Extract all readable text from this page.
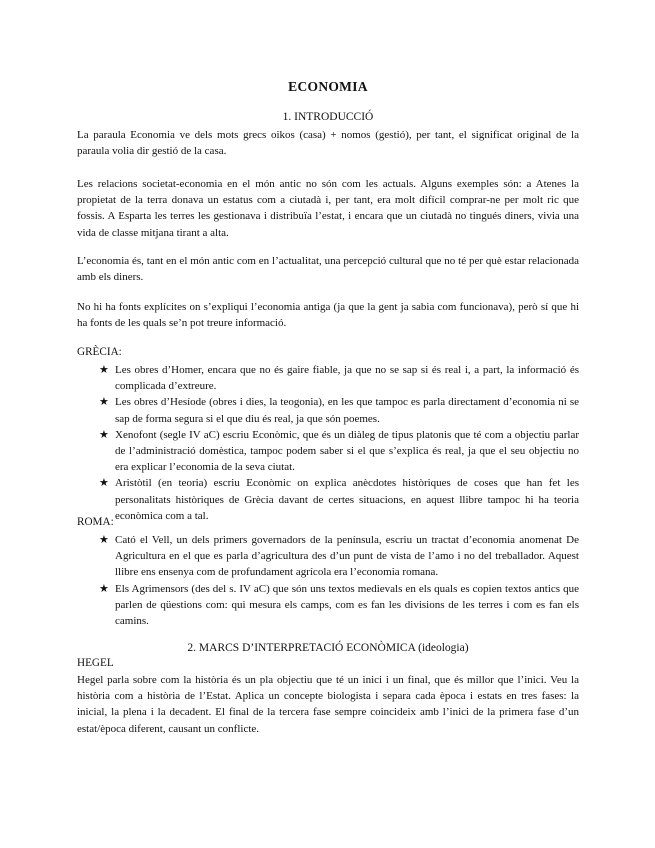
ECONOMIA
1. INTRODUCCIÓ
La paraula Economia ve dels mots grecs oikos (casa) + nomos (gestió), per tant, el significat original de la paraula volia dir gestió de la casa.
Les relacions societat-economia en el món antic no són com les actuals. Alguns exemples són: a Atenes la propietat de la terra donava un estatus com a ciutadà i, per tant, era molt difícil comprar-ne per molt ric que fossis. A Esparta les terres les gestionava i distribuïa l’estat, i encara que un ciutadà no tingués diners, vivia una vida de classe mitjana tirant a alta.
L’economia és, tant en el món antic com en l’actualitat, una percepció cultural que no té per què estar relacionada amb els diners.
No hi ha fonts explícites on s’expliqui l’economia antiga (ja que la gent ja sabia com funcionava), però sí que hi ha fonts de les quals se’n pot treure informació.
GRÈCIA:
★ Les obres d’Homer, encara que no és gaire fiable, ja que no se sap si és real i, a part, la informació és complicada d’extreure.
★ Les obres d’Hesíode (obres i dies, la teogonia), en les que tampoc es parla directament d’economia ni se sap de forma segura si el que diu és real, ja que són poemes.
★ Xenofont (segle IV aC) escriu Econòmic, que és un diàleg de tipus platonis que té com a objectiu parlar de l’administració domèstica, tampoc podem saber si el que s’explica és real, ja que el seu objectiu no era explicar l’economia de la seva ciutat.
★ Aristòtil (en teoria) escriu Econòmic on explica anècdotes històriques de coses que han fet les personalitats històriques de Grècia davant de certes situacions, en aquest llibre tampoc hi ha teoria econòmica com a tal.
ROMA:
★ Cató el Vell, un dels primers governadors de la península, escriu un tractat d’economia anomenat De Agricultura en el que es parla d’agricultura des d’un punt de vista de l’amo i no del treballador. Aquest llibre ens ensenya com de profundament agrícola era l’economia romana.
★ Els Agrimensors (des del s. IV aC) que són uns textos medievals en els quals es copien textos antics que parlen de qüestions com: qui mesura els camps, com es fan les divisions de les terres i com es fan els camins.
2. MARCS D’INTERPRETACIÓ ECONÒMICA (ideologia)
HEGEL
Hegel parla sobre com la història és un pla objectiu que té un inici i un final, que és millor que l’inici. Veu la història com a història de l’Estat. Aplica un concepte biologista i separa cada època i estats en tres fases: la inicial, la plena i la decadent. El final de la tercera fase sempre coincideix amb l’inici de la primera fase d’un estat/època diferent, causant un conflicte.
